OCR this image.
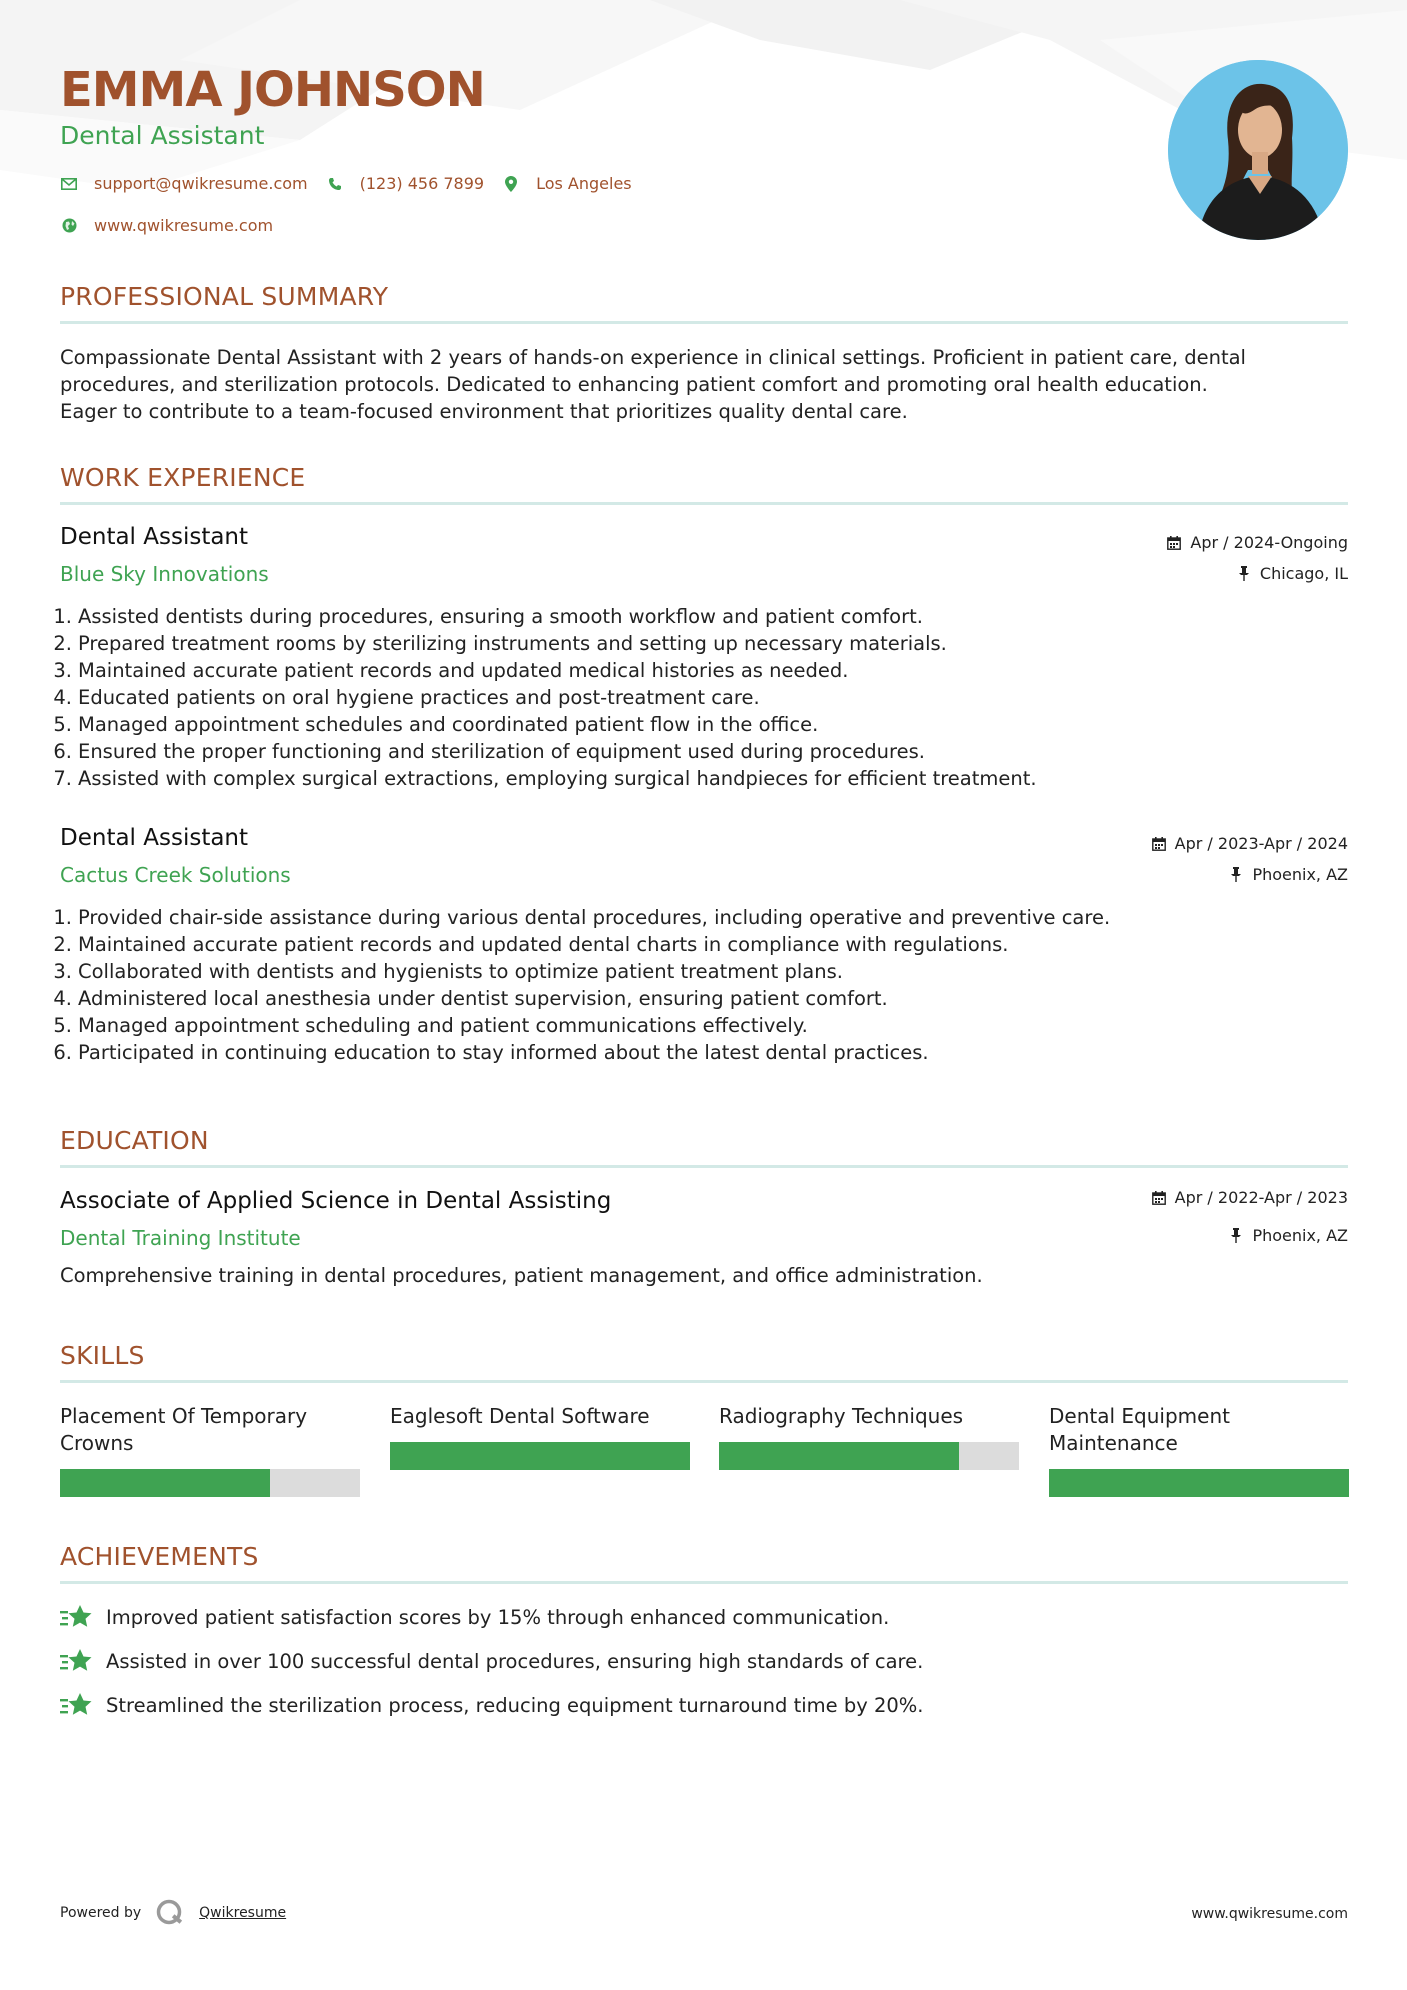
EMMA JOHNSON
Dental Assistant
support@qwikresume.com	(123) 456 7899	Los Angeles
www.qwikresume.com
PROFESSIONAL SUMMARY
Compassionate Dental Assistant with 2 years of hands-on experience in clinical settings. Proficient in patient care, dental
procedures, and sterilization protocols. Dedicated to enhancing patient comfort and promoting oral health education.
Eager to contribute to a team-focused environment that prioritizes quality dental care.
WORK EXPERIENCE
Dental Assistant
Blue Sky Innovations
Apr / 2024-Ongoing
Chicago, IL
1. Assisted dentists during procedures, ensuring a smooth workflow and patient comfort.
2. Prepared treatment rooms by sterilizing instruments and setting up necessary materials.
3. Maintained accurate patient records and updated medical histories as needed.
4. Educated patients on oral hygiene practices and post-treatment care.
5. Managed appointment schedules and coordinated patient flow in the office.
6. Ensured the proper functioning and sterilization of equipment used during procedures.
7. Assisted with complex surgical extractions, employing surgical handpieces for efficient treatment.
Dental Assistant
Cactus Creek Solutions
Apr / 2023-Apr / 2024
Phoenix, AZ
1. Provided chair-side assistance during various dental procedures, including operative and preventive care.
2. Maintained accurate patient records and updated dental charts in compliance with regulations.
3. Collaborated with dentists and hygienists to optimize patient treatment plans.
4. Administered local anesthesia under dentist supervision, ensuring patient comfort.
5. Managed appointment scheduling and patient communications effectively.
6. Participated in continuing education to stay informed about the latest dental practices.
EDUCATION
Associate of Applied Science in Dental Assisting
Dental Training Institute
Apr / 2022-Apr / 2023
Phoenix, AZ
Comprehensive training in dental procedures, patient management, and office administration.
SKILLS
Placement Of Temporary
Crowns
Eaglesoft Dental Software	Radiography Techniques	Dental Equipment
Maintenance
ACHIEVEMENTS
Improved patient satisfaction scores by 15% through enhanced communication.
Assisted in over 100 successful dental procedures, ensuring high standards of care.
Streamlined the sterilization process, reducing equipment turnaround time by 20%.
Powered by	Qwikresume	www.qwikresume.com
